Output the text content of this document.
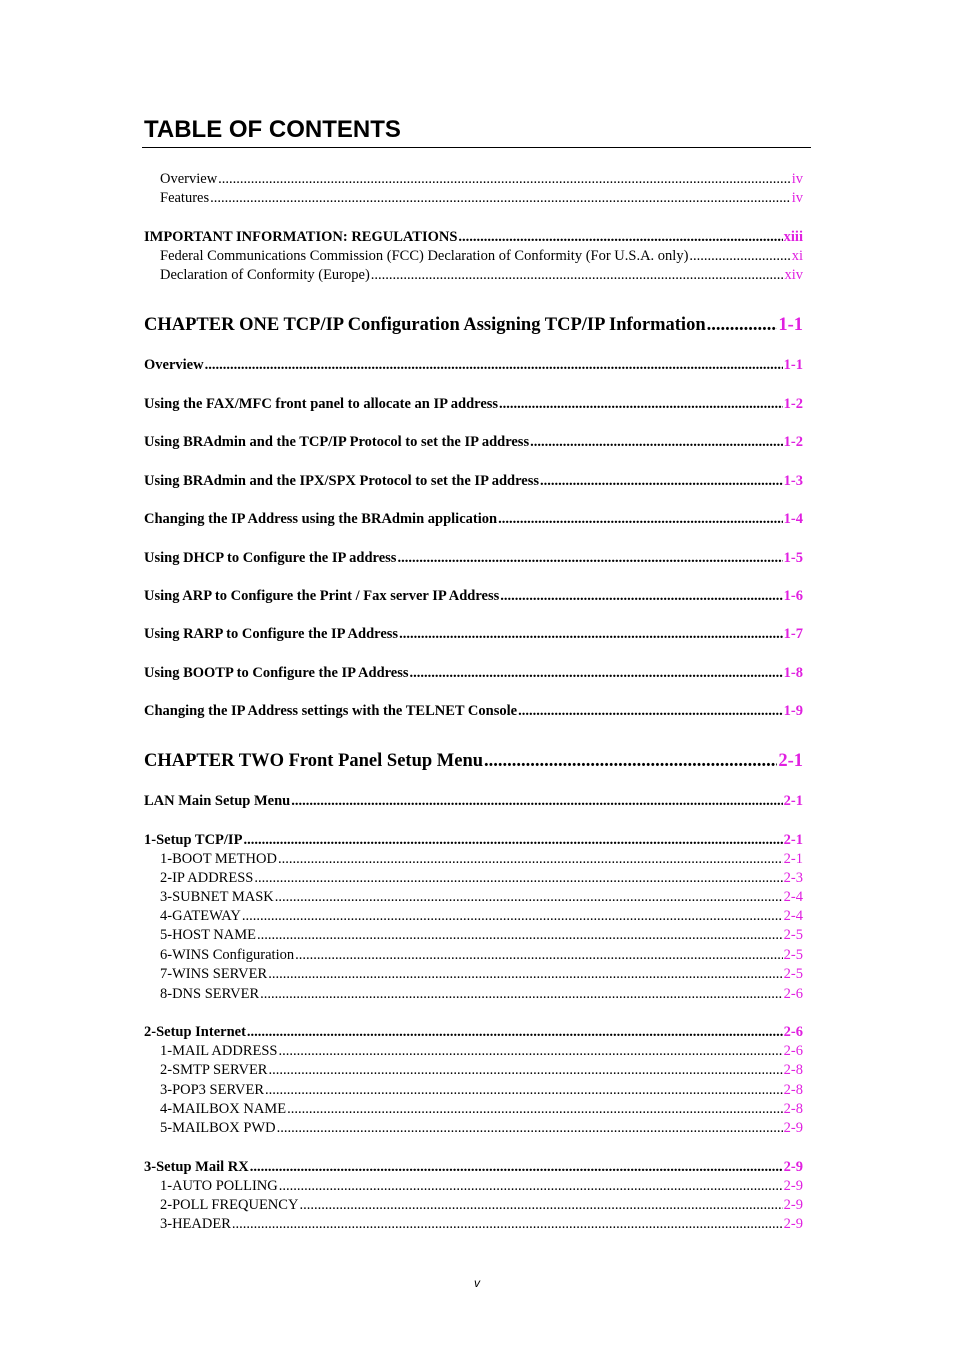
TABLE OF CONTENTS
Overview .....	iv
Features .....	iv
IMPORTANT INFORMATION: REGULATIONS .....	xiii
Federal Communications Commission (FCC) Declaration of Conformity (For U.S.A. only) .....	xi
Declaration of Conformity (Europe) .....	xiv
CHAPTER ONE TCP/IP Configuration Assigning TCP/IP Information .....	1-1
Overview .....	1-1
Using the FAX/MFC front panel to allocate an IP address .....	1-2
Using BRAdmin and the TCP/IP Protocol to set the IP address .....	1-2
Using BRAdmin and the IPX/SPX Protocol to set the IP address .....	1-3
Changing the IP Address using the BRAdmin application .....	1-4
Using DHCP to Configure the IP address .....	1-5
Using ARP to Configure the Print / Fax server IP Address .....	1-6
Using RARP to Configure the IP Address .....	1-7
Using BOOTP to Configure the IP Address .....	1-8
Changing the IP Address settings with the TELNET Console .....	1-9
CHAPTER TWO Front Panel Setup Menu .....	2-1
LAN Main Setup Menu .....	2-1
1-Setup TCP/IP .....	2-1
1-BOOT METHOD .....	2-1
2-IP ADDRESS .....	2-3
3-SUBNET MASK .....	2-4
4-GATEWAY .....	2-4
5-HOST NAME .....	2-5
6-WINS Configuration .....	2-5
7-WINS SERVER .....	2-5
8-DNS SERVER .....	2-6
2-Setup Internet .....	2-6
1-MAIL ADDRESS .....	2-6
2-SMTP SERVER .....	2-8
3-POP3 SERVER .....	2-8
4-MAILBOX NAME .....	2-8
5-MAILBOX PWD .....	2-9
3-Setup Mail RX .....	2-9
1-AUTO POLLING .....	2-9
2-POLL FREQUENCY .....	2-9
3-HEADER .....	2-9
v
